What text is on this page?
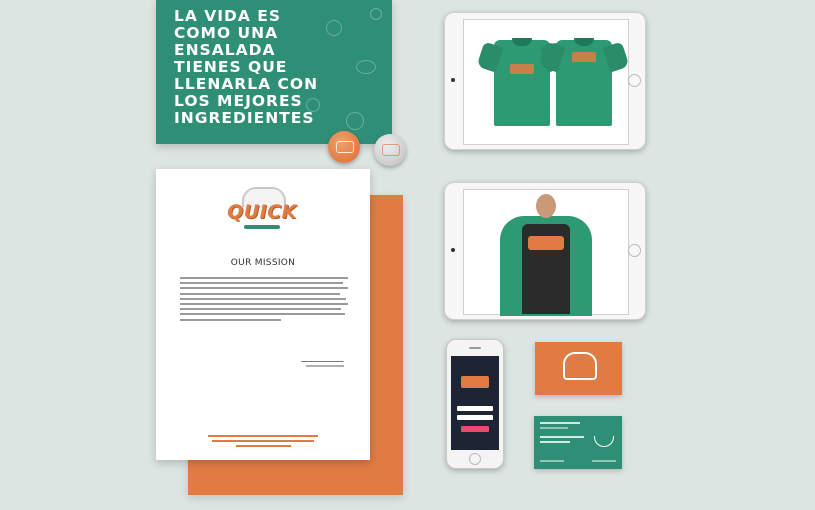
LA VIDA ES
COMO UNA
ENSALADA
TIENES QUE
LLENARLA CON
LOS MEJORES
INGREDIENTES
QUICK
OUR MISSION
